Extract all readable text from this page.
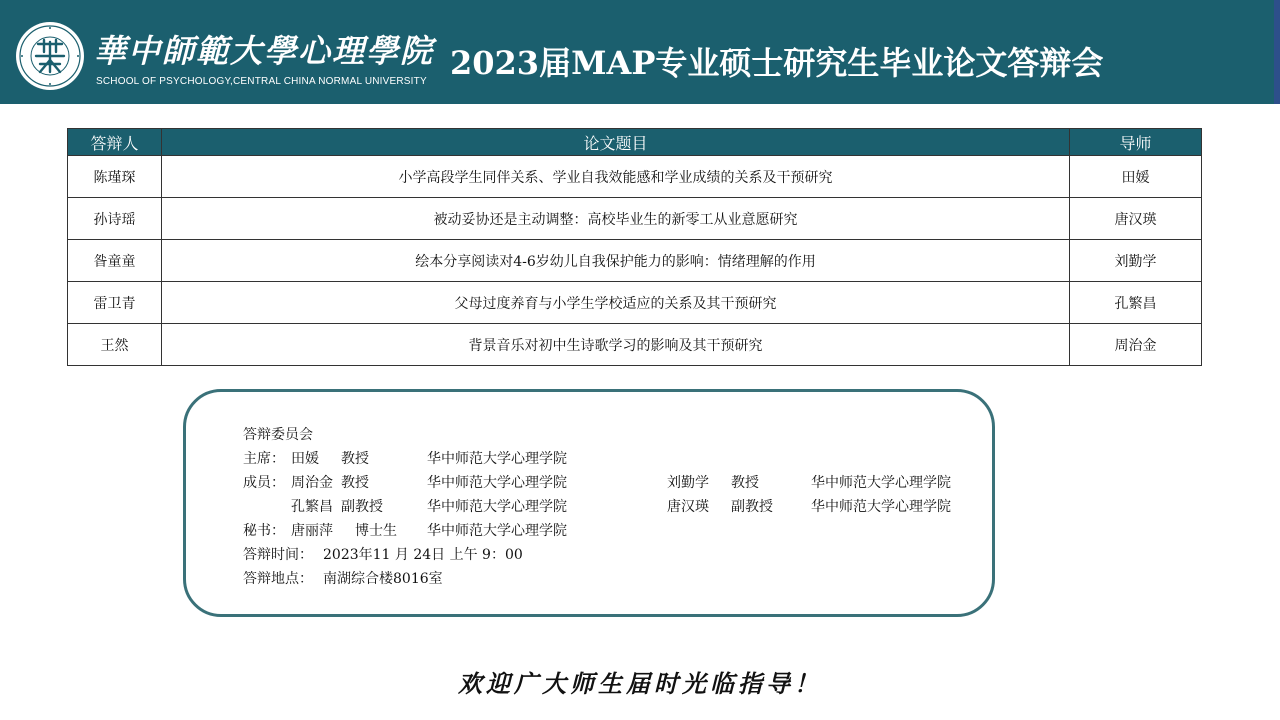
華中師範大學心理學院
SCHOOL OF PSYCHOLOGY,CENTRAL CHINA NORMAL UNIVERSITY 2023届MAP专业硕士研究生毕业论文答辩会
答辩人	论文题目	导师
陈瑾琛	小学高段学生同伴关系、学业自我效能感和学业成绩的关系及干预研究	田媛
孙诗瑶	被动妥协还是主动调整：高校毕业生的新零工从业意愿研究	唐汉瑛
昝童童	绘本分享阅读对4-6岁幼儿自我保护能力的影响：情绪理解的作用	刘勤学
雷卫青	父母过度养育与小学生学校适应的关系及其干预研究	孔繁昌
王然	背景音乐对初中生诗歌学习的影响及其干预研究	周治金
答辩委员会
主席： 田媛 教授	华中师范大学心理学院
成员： 周治金 教授	华中师范大学心理学院	刘勤学 教授	华中师范大学心理学院
孔繁昌 副教授	华中师范大学心理学院	唐汉瑛 副教授	华中师范大学心理学院
秘书： 唐丽萍 博士生 华中师范大学心理学院
答辩时间： 2023年11 月 24日 上午 9：00
答辩地点： 南湖综合楼8016室
欢迎广大师生届时光临指导！
